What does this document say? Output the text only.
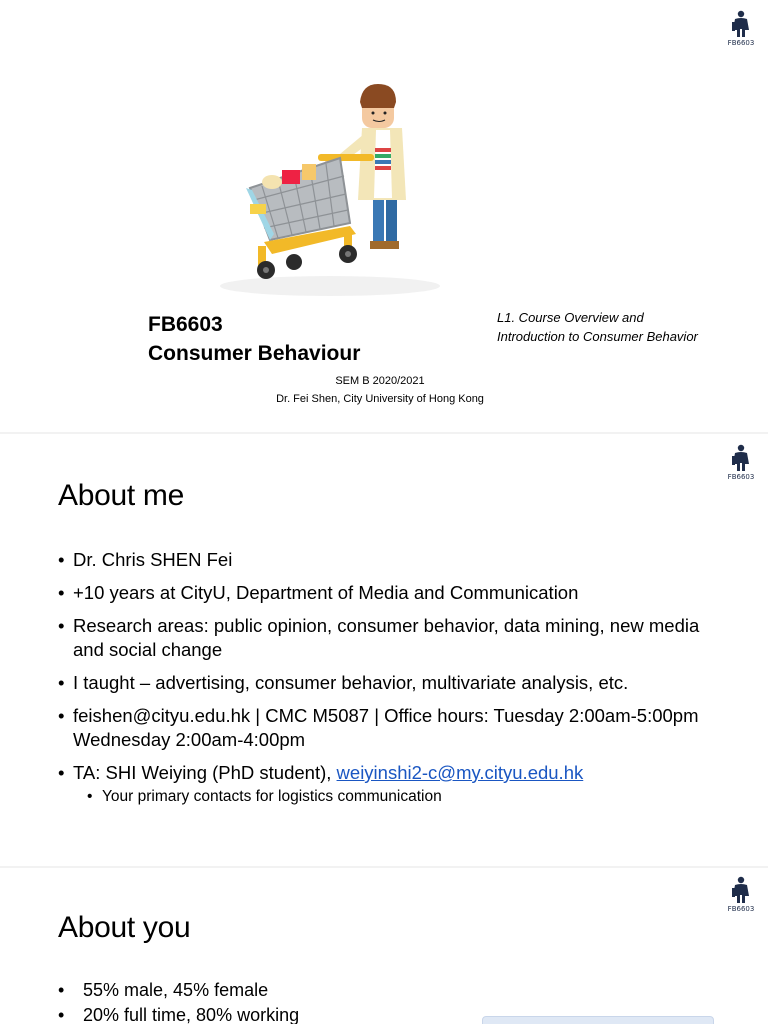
FB6603
FB6603
Consumer Behaviour
L1. Course Overview and
Introduction to Consumer Behavior
SEM B 2020/2021
Dr. Fei Shen, City University of Hong Kong
FB6603
About me
• Dr. Chris SHEN Fei
• +10 years at CityU, Department of Media and Communication
• Research areas: public opinion, consumer behavior, data mining, new media and social change
• I taught – advertising, consumer behavior, multivariate analysis, etc.
• feishen@cityu.edu.hk | CMC M5087 | Office hours: Tuesday 2:00am-5:00pm Wednesday 2:00am-4:00pm
• TA: SHI Weiying (PhD student), weiyinshi2-c@my.cityu.edu.hk
• Your primary contacts for logistics communication
FB6603
About you
• 55% male, 45% female
• 20% full time, 80% working
